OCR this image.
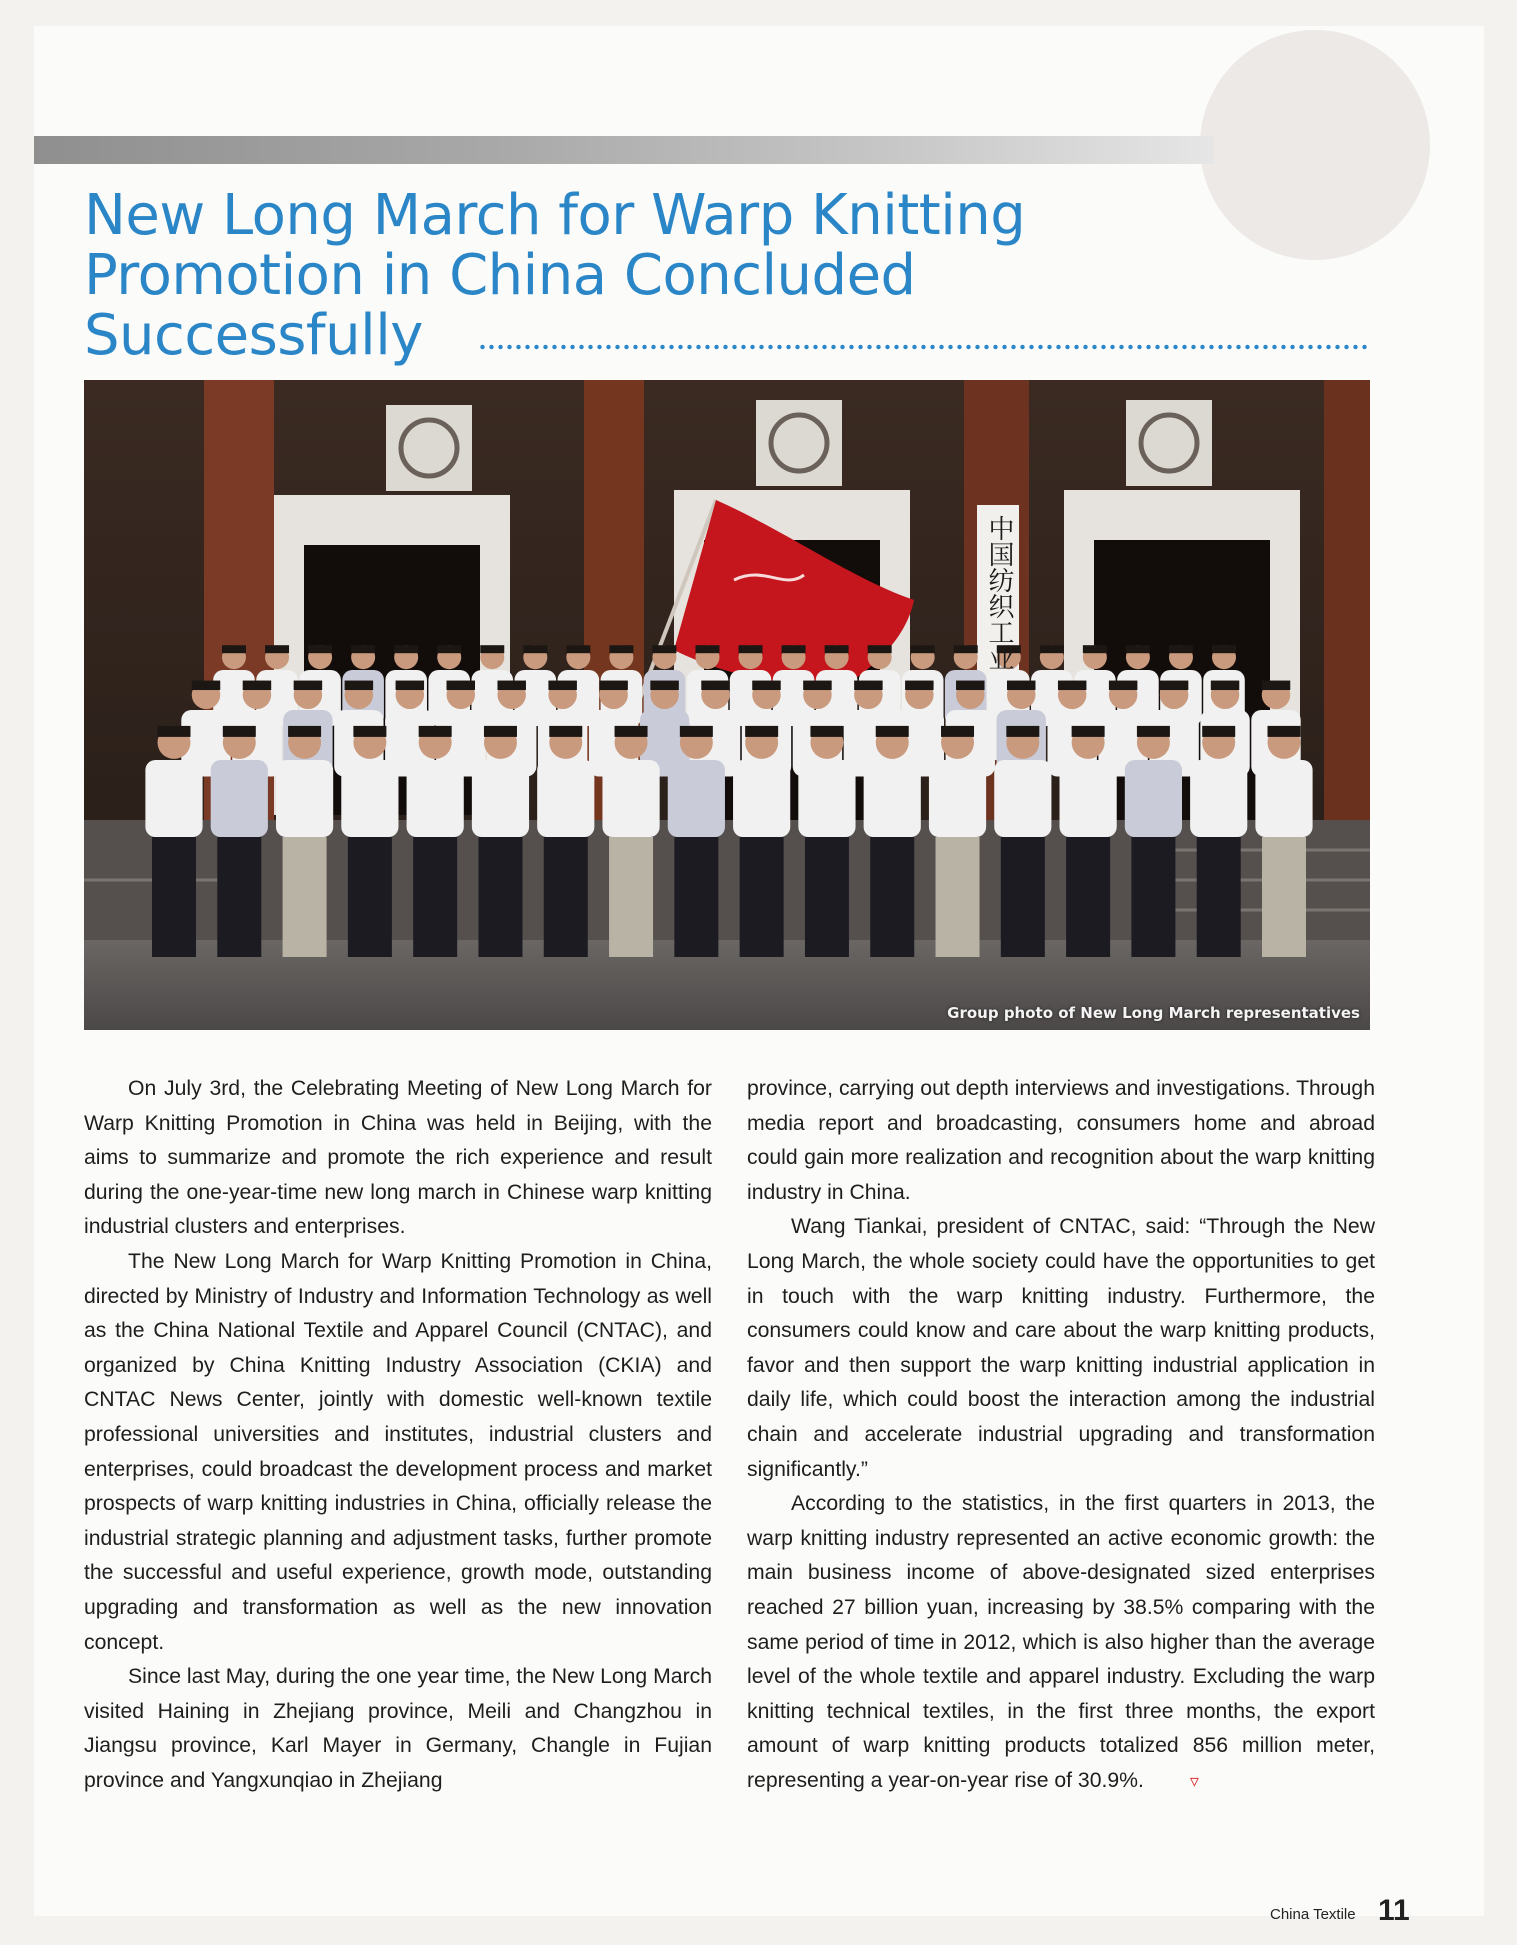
New Long March for Warp Knitting
Promotion in China Concluded
Successfully
Group photo of New Long March representatives
中国纺织工业

On July 3rd, the Celebrating Meeting of New Long March for Warp Knitting Promotion in China was held in Beijing, with the aims to summarize and promote the rich experience and result during the one-year-time new long march in Chinese warp knitting industrial clusters and enterprises.

The New Long March for Warp Knitting Promotion in China, directed by Ministry of Industry and Information Technology as well as the China National Textile and Apparel Council (CNTAC), and organized by China Knitting Industry Association (CKIA) and CNTAC News Center, jointly with domestic well-known textile professional universities and institutes, industrial clusters and enterprises, could broadcast the development process and market prospects of warp knitting industries in China, officially release the industrial strategic planning and adjustment tasks, further promote the successful and useful experience, growth mode, outstanding upgrading and transformation as well as the new innovation concept.

Since last May, during the one year time, the New Long March visited Haining in Zhejiang province, Meili and Changzhou in Jiangsu province, Karl Mayer in Germany, Changle in Fujian province and Yangxunqiao in Zhejiang

province, carrying out depth interviews and investigations. Through media report and broadcasting, consumers home and abroad could gain more realization and recognition about the warp knitting industry in China.

Wang Tiankai, president of CNTAC, said: “Through the New Long March, the whole society could have the opportunities to get in touch with the warp knitting industry. Furthermore, the consumers could know and care about the warp knitting products, favor and then support the warp knitting industrial application in daily life, which could boost the interaction among the industrial chain and accelerate industrial upgrading and transformation significantly.”

According to the statistics, in the first quarters in 2013, the warp knitting industry represented an active economic growth: the main business income of above-designated sized enterprises reached 27 billion yuan, increasing by 38.5% comparing with the same period of time in 2012, which is also higher than the average level of the whole textile and apparel industry. Excluding the warp knitting technical textiles, in the first three months, the export amount of warp knitting products totalized 856 million meter, representing a year-on-year rise of 30.9%.	▿

China Textile 11
